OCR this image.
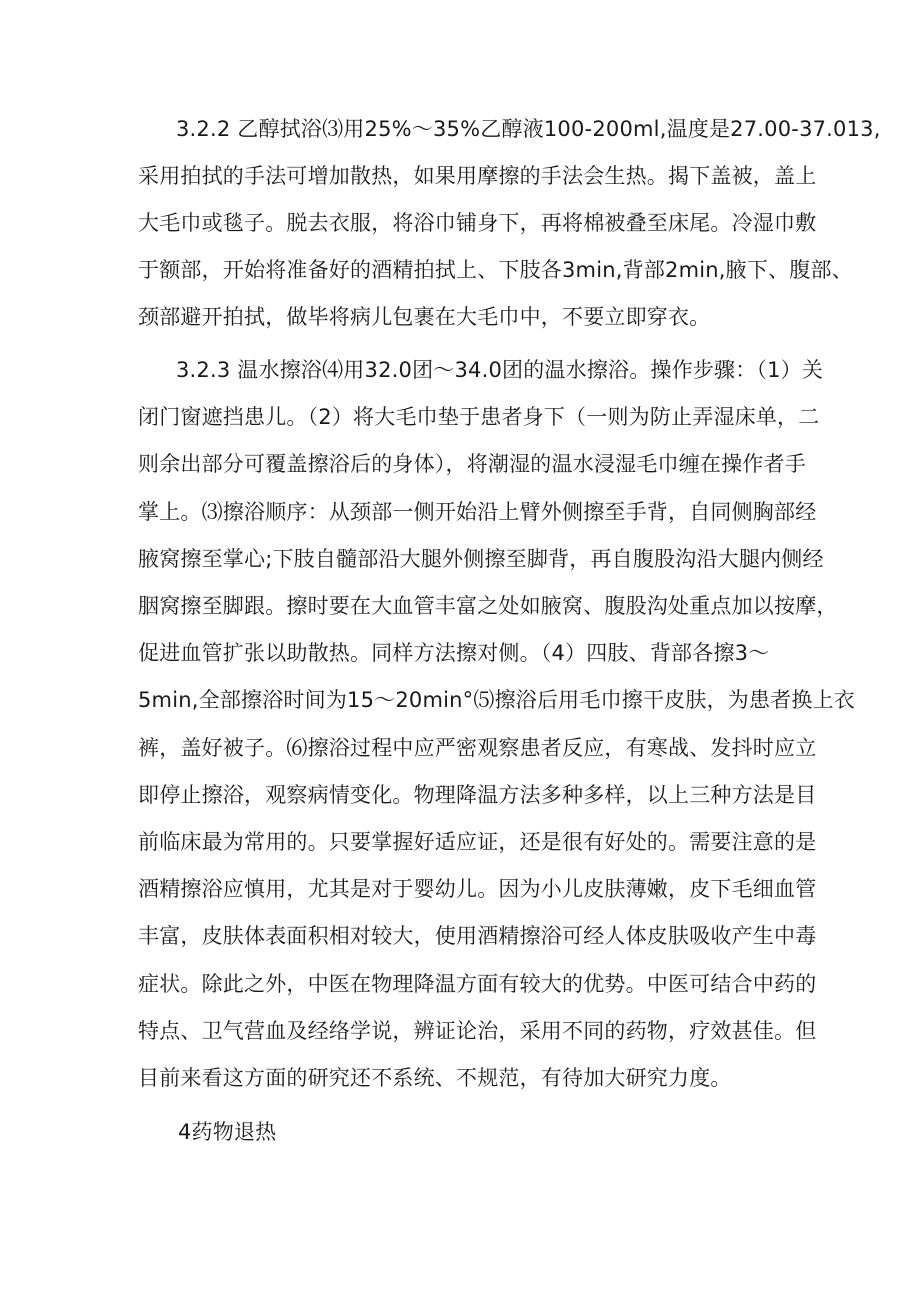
3.2.2 乙醇拭浴⑶用25%～35%乙醇液100-200ml,温度是27.00-37.013,
采用拍拭的手法可增加散热，如果用摩擦的手法会生热。揭下盖被，盖上
大毛巾或毯子。脱去衣服，将浴巾铺身下，再将棉被叠至床尾。冷湿巾敷
于额部，开始将准备好的酒精拍拭上、下肢各3min,背部2min,腋下、腹部、
颈部避开拍拭，做毕将病儿包裹在大毛巾中，不要立即穿衣。
3.2.3 温水擦浴⑷用32.0团～34.0团的温水擦浴。操作步骤：（1）关
闭门窗遮挡患儿。（2）将大毛巾垫于患者身下（一则为防止弄湿床单，二
则余出部分可覆盖擦浴后的身体），将潮湿的温水浸湿毛巾缠在操作者手
掌上。⑶擦浴顺序：从颈部一侧开始沿上臂外侧擦至手背，自同侧胸部经
腋窝擦至掌心;下肢自髓部沿大腿外侧擦至脚背，再自腹股沟沿大腿内侧经
胭窝擦至脚跟。擦时要在大血管丰富之处如腋窝、腹股沟处重点加以按摩，
促进血管扩张以助散热。同样方法擦对侧。（4）四肢、背部各擦3～
5min,全部擦浴时间为15～20min°⑸擦浴后用毛巾擦干皮肤，为患者换上衣
裤，盖好被子。⑹擦浴过程中应严密观察患者反应，有寒战、发抖时应立
即停止擦浴，观察病情变化。物理降温方法多种多样，以上三种方法是目
前临床最为常用的。只要掌握好适应证，还是很有好处的。需要注意的是
酒精擦浴应慎用，尤其是对于婴幼儿。因为小儿皮肤薄嫩，皮下毛细血管
丰富，皮肤体表面积相对较大，使用酒精擦浴可经人体皮肤吸收产生中毒
症状。除此之外，中医在物理降温方面有较大的优势。中医可结合中药的
特点、卫气营血及经络学说，辨证论治，采用不同的药物，疗效甚佳。但
目前来看这方面的研究还不系统、不规范，有待加大研究力度。
4药物退热
